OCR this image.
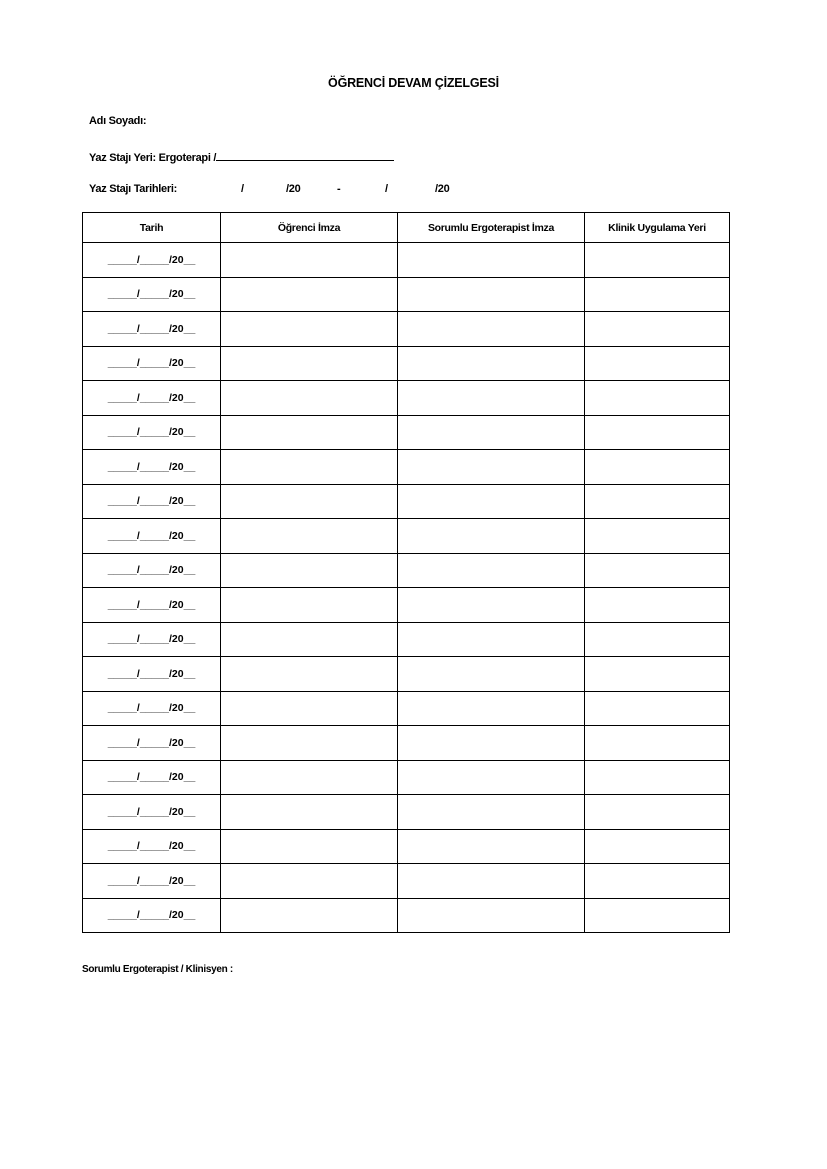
ÖĞRENCİ DEVAM ÇİZELGESİ
Adı Soyadı:
Yaz Stajı Yeri: Ergoterapi /
Yaz Stajı Tarihleri:	/	/20	-	/	/20
Tarih	Öğrenci İmza	Sorumlu Ergoterapist İmza	Klinik Uygulama Yeri
_____/_____/20__			
_____/_____/20__			
_____/_____/20__			
_____/_____/20__			
_____/_____/20__			
_____/_____/20__			
_____/_____/20__			
_____/_____/20__			
_____/_____/20__			
_____/_____/20__			
_____/_____/20__			
_____/_____/20__			
_____/_____/20__			
_____/_____/20__			
_____/_____/20__			
_____/_____/20__			
_____/_____/20__			
_____/_____/20__			
_____/_____/20__			
_____/_____/20__			
Sorumlu Ergoterapist / Klinisyen :
